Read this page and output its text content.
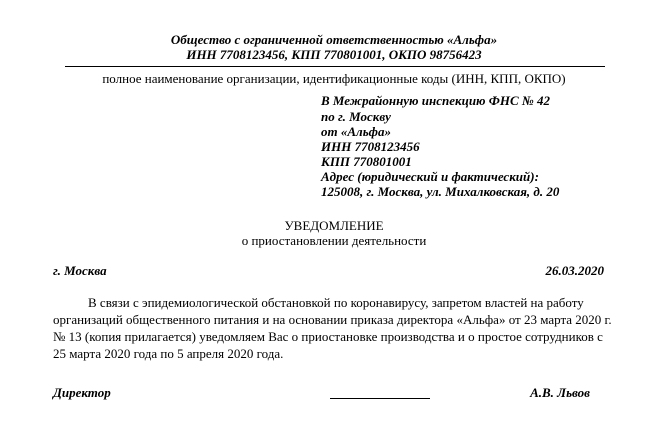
Общество с ограниченной ответственностью «Альфа»
ИНН 7708123456, КПП 770801001, ОКПО 98756423
полное наименование организации, идентификационные коды (ИНН, КПП, ОКПО)
В Межрайонную инспекцию ФНС № 42
по г. Москву
от «Альфа»
ИНН 7708123456
КПП 770801001
Адрес (юридический и фактический):
125008, г. Москва, ул. Михалковская, д. 20
УВЕДОМЛЕНИЕ
о приостановлении деятельности
г. Москва	26.03.2020
В связи с эпидемиологической обстановкой по коронавирусу, запретом властей на работу организаций общественного питания и на основании приказа директора «Альфа» от 23 марта 2020 г. № 13 (копия прилагается) уведомляем Вас о приостановке производства и о простое сотрудников с 25 марта 2020 года по 5 апреля 2020 года.
Директор	А.В. Львов
